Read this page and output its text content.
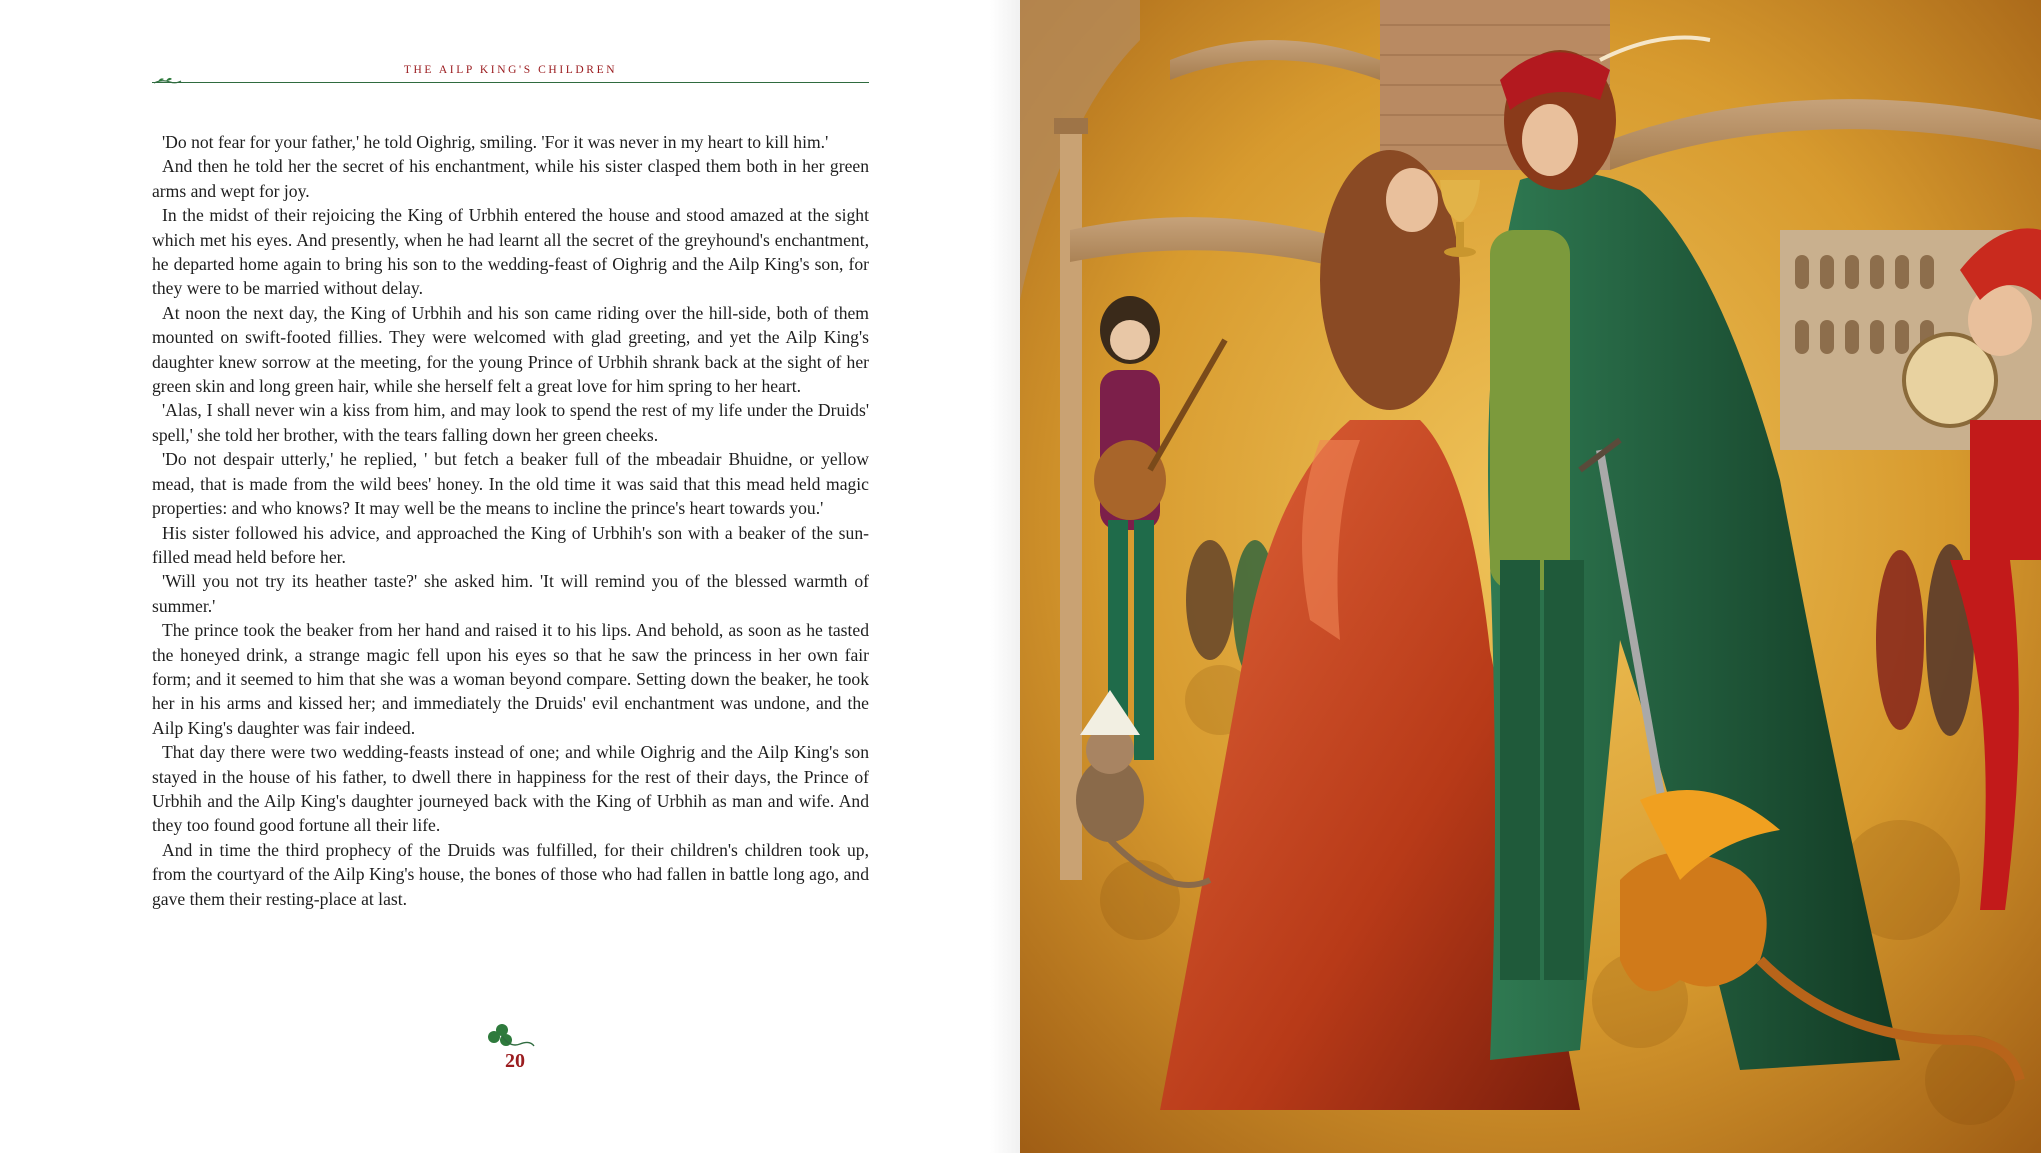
THE AILP KING'S CHILDREN

'Do not fear for your father,' he told Oighrig, smiling. 'For it was never in my heart to kill him.'

And then he told her the secret of his enchantment, while his sister clasped them both in her green arms and wept for joy.

In the midst of their rejoicing the King of Urbhih entered the house and stood amazed at the sight which met his eyes. And presently, when he had learnt all the secret of the greyhound's enchantment, he departed home again to bring his son to the wedding-feast of Oighrig and the Ailp King's son, for they were to be married without delay.

At noon the next day, the King of Urbhih and his son came riding over the hill-side, both of them mounted on swift-footed fillies. They were welcomed with glad greeting, and yet the Ailp King's daughter knew sorrow at the meeting, for the young Prince of Urbhih shrank back at the sight of her green skin and long green hair, while she herself felt a great love for him spring to her heart.

'Alas, I shall never win a kiss from him, and may look to spend the rest of my life under the Druids' spell,' she told her brother, with the tears falling down her green cheeks.

'Do not despair utterly,' he replied, ' but fetch a beaker full of the mbeadair Bhuidne, or yellow mead, that is made from the wild bees' honey. In the old time it was said that this mead held magic properties: and who knows? It may well be the means to incline the prince's heart towards you.'

His sister followed his advice, and approached the King of Urbhih's son with a beaker of the sun-filled mead held before her.

'Will you not try its heather taste?' she asked him. 'It will remind you of the blessed warmth of summer.'

The prince took the beaker from her hand and raised it to his lips. And behold, as soon as he tasted the honeyed drink, a strange magic fell upon his eyes so that he saw the princess in her own fair form; and it seemed to him that she was a woman beyond compare. Setting down the beaker, he took her in his arms and kissed her; and immediately the Druids' evil enchantment was undone, and the Ailp King's daughter was fair indeed.

That day there were two wedding-feasts instead of one; and while Oighrig and the Ailp King's son stayed in the house of his father, to dwell there in happiness for the rest of their days, the Prince of Urbhih and the Ailp King's daughter journeyed back with the King of Urbhih as man and wife. And they too found good fortune all their life.

And in time the third prophecy of the Druids was fulfilled, for their children's children took up, from the courtyard of the Ailp King's house, the bones of those who had fallen in battle long ago, and gave them their resting-place at last.

20
